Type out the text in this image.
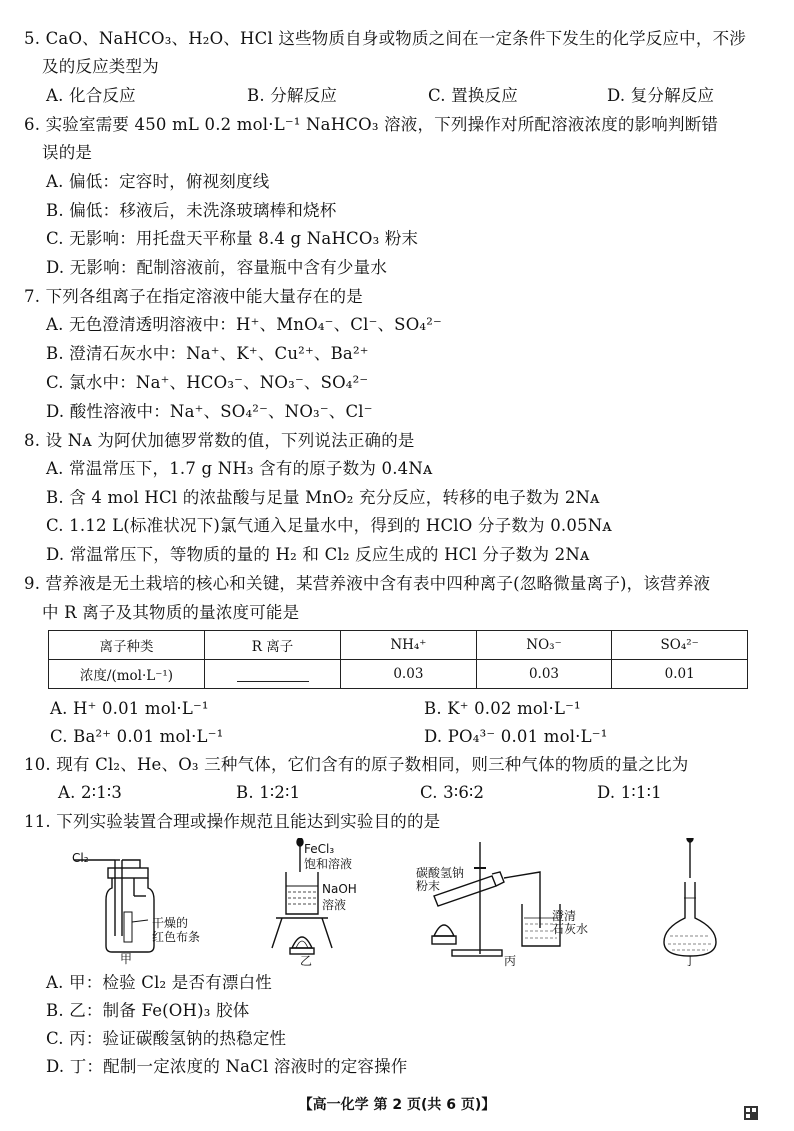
5. CaO、NaHCO₃、H₂O、HCl 这些物质自身或物质之间在一定条件下发生的化学反应中，不涉
及的反应类型为
A. 化合反应	B. 分解反应	C. 置换反应	D. 复分解反应
6. 实验室需要 450 mL 0.2 mol·L⁻¹ NaHCO₃ 溶液，下列操作对所配溶液浓度的影响判断错
误的是
A. 偏低：定容时，俯视刻度线
B. 偏低：移液后，未洗涤玻璃棒和烧杯
C. 无影响：用托盘天平称量 8.4 g NaHCO₃ 粉末
D. 无影响：配制溶液前，容量瓶中含有少量水
7. 下列各组离子在指定溶液中能大量存在的是
A. 无色澄清透明溶液中：H⁺、MnO₄⁻、Cl⁻、SO₄²⁻
B. 澄清石灰水中：Na⁺、K⁺、Cu²⁺、Ba²⁺
C. 氯水中：Na⁺、HCO₃⁻、NO₃⁻、SO₄²⁻
D. 酸性溶液中：Na⁺、SO₄²⁻、NO₃⁻、Cl⁻
8. 设 Nᴀ 为阿伏加德罗常数的值，下列说法正确的是
A. 常温常压下，1.7 g NH₃ 含有的原子数为 0.4Nᴀ
B. 含 4 mol HCl 的浓盐酸与足量 MnO₂ 充分反应，转移的电子数为 2Nᴀ
C. 1.12 L(标准状况下)氯气通入足量水中，得到的 HClO 分子数为 0.05Nᴀ
D. 常温常压下，等物质的量的 H₂ 和 Cl₂ 反应生成的 HCl 分子数为 2Nᴀ
9. 营养液是无土栽培的核心和关键，某营养液中含有表中四种离子(忽略微量离子)，该营养液
中 R 离子及其物质的量浓度可能是
离子种类	R 离子	NH₄⁺	NO₃⁻	SO₄²⁻
浓度/(mol·L⁻¹)		0.03	0.03	0.01
A. H⁺ 0.01 mol·L⁻¹	B. K⁺ 0.02 mol·L⁻¹
C. Ba²⁺ 0.01 mol·L⁻¹	D. PO₄³⁻ 0.01 mol·L⁻¹
10. 现有 Cl₂、He、O₃ 三种气体，它们含有的原子数相同，则三种气体的物质的量之比为
A. 2∶1∶3	B. 1∶2∶1	C. 3∶6∶2	D. 1∶1∶1
11. 下列实验装置合理或操作规范且能达到实验目的的是
Cl₂
干燥的
红色布条
甲
FeCl₃
饱和溶液
NaOH
溶液
乙
碳酸氢钠
粉末
澄清
石灰水
丙	丁
A. 甲：检验 Cl₂ 是否有漂白性
B. 乙：制备 Fe(OH)₃ 胶体
C. 丙：验证碳酸氢钠的热稳定性
D. 丁：配制一定浓度的 NaCl 溶液时的定容操作
【高一化学 第 2 页(共 6 页)】
